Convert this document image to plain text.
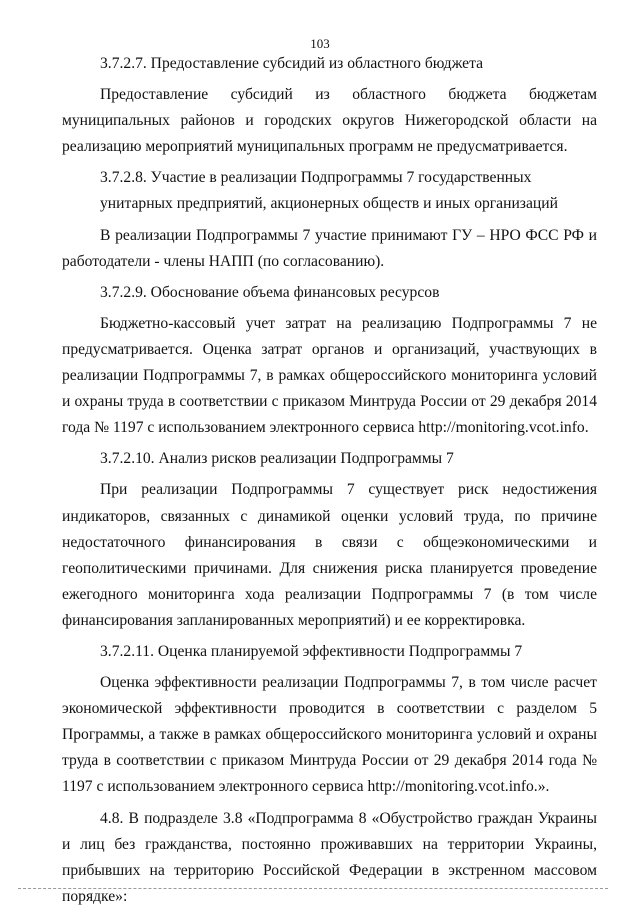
103

3.7.2.7. Предоставление субсидий из областного бюджета

Предоставление субсидий из областного бюджета бюджетам муниципальных районов и городских округов Нижегородской области на реализацию мероприятий муниципальных программ не предусматривается.

3.7.2.8. Участие в реализации Подпрограммы 7 государственных унитарных предприятий, акционерных обществ и иных организаций

В реализации Подпрограммы 7 участие принимают ГУ – НРО ФСС РФ и работодатели - члены НАПП (по согласованию).

3.7.2.9. Обоснование объема финансовых ресурсов

Бюджетно-кассовый учет затрат на реализацию Подпрограммы 7 не предусматривается. Оценка затрат органов и организаций, участвующих в реализации Подпрограммы 7, в рамках общероссийского мониторинга условий и охраны труда в соответствии с приказом Минтруда России от 29 декабря 2014 года № 1197 с использованием электронного сервиса http://monitoring.vcot.info.

3.7.2.10. Анализ рисков реализации Подпрограммы 7

При реализации Подпрограммы 7 существует риск недостижения индикаторов, связанных с динамикой оценки условий труда, по причине недостаточного финансирования в связи с общеэкономическими и геополитическими причинами. Для снижения риска планируется проведение ежегодного мониторинга хода реализации Подпрограммы 7 (в том числе финансирования запланированных мероприятий) и ее корректировка.

3.7.2.11. Оценка планируемой эффективности Подпрограммы 7

Оценка эффективности реализации Подпрограммы 7, в том числе расчет экономической эффективности проводится в соответствии с разделом 5 Программы, а также в рамках общероссийского мониторинга условий и охраны труда в соответствии с приказом Минтруда России от 29 декабря 2014 года № 1197 с использованием электронного сервиса http://monitoring.vcot.info.».

4.8. В подразделе 3.8 «Подпрограмма 8 «Обустройство граждан Украины и лиц без гражданства, постоянно проживавших на территории Украины, прибывших на территорию Российской Федерации в экстренном массовом порядке»:
